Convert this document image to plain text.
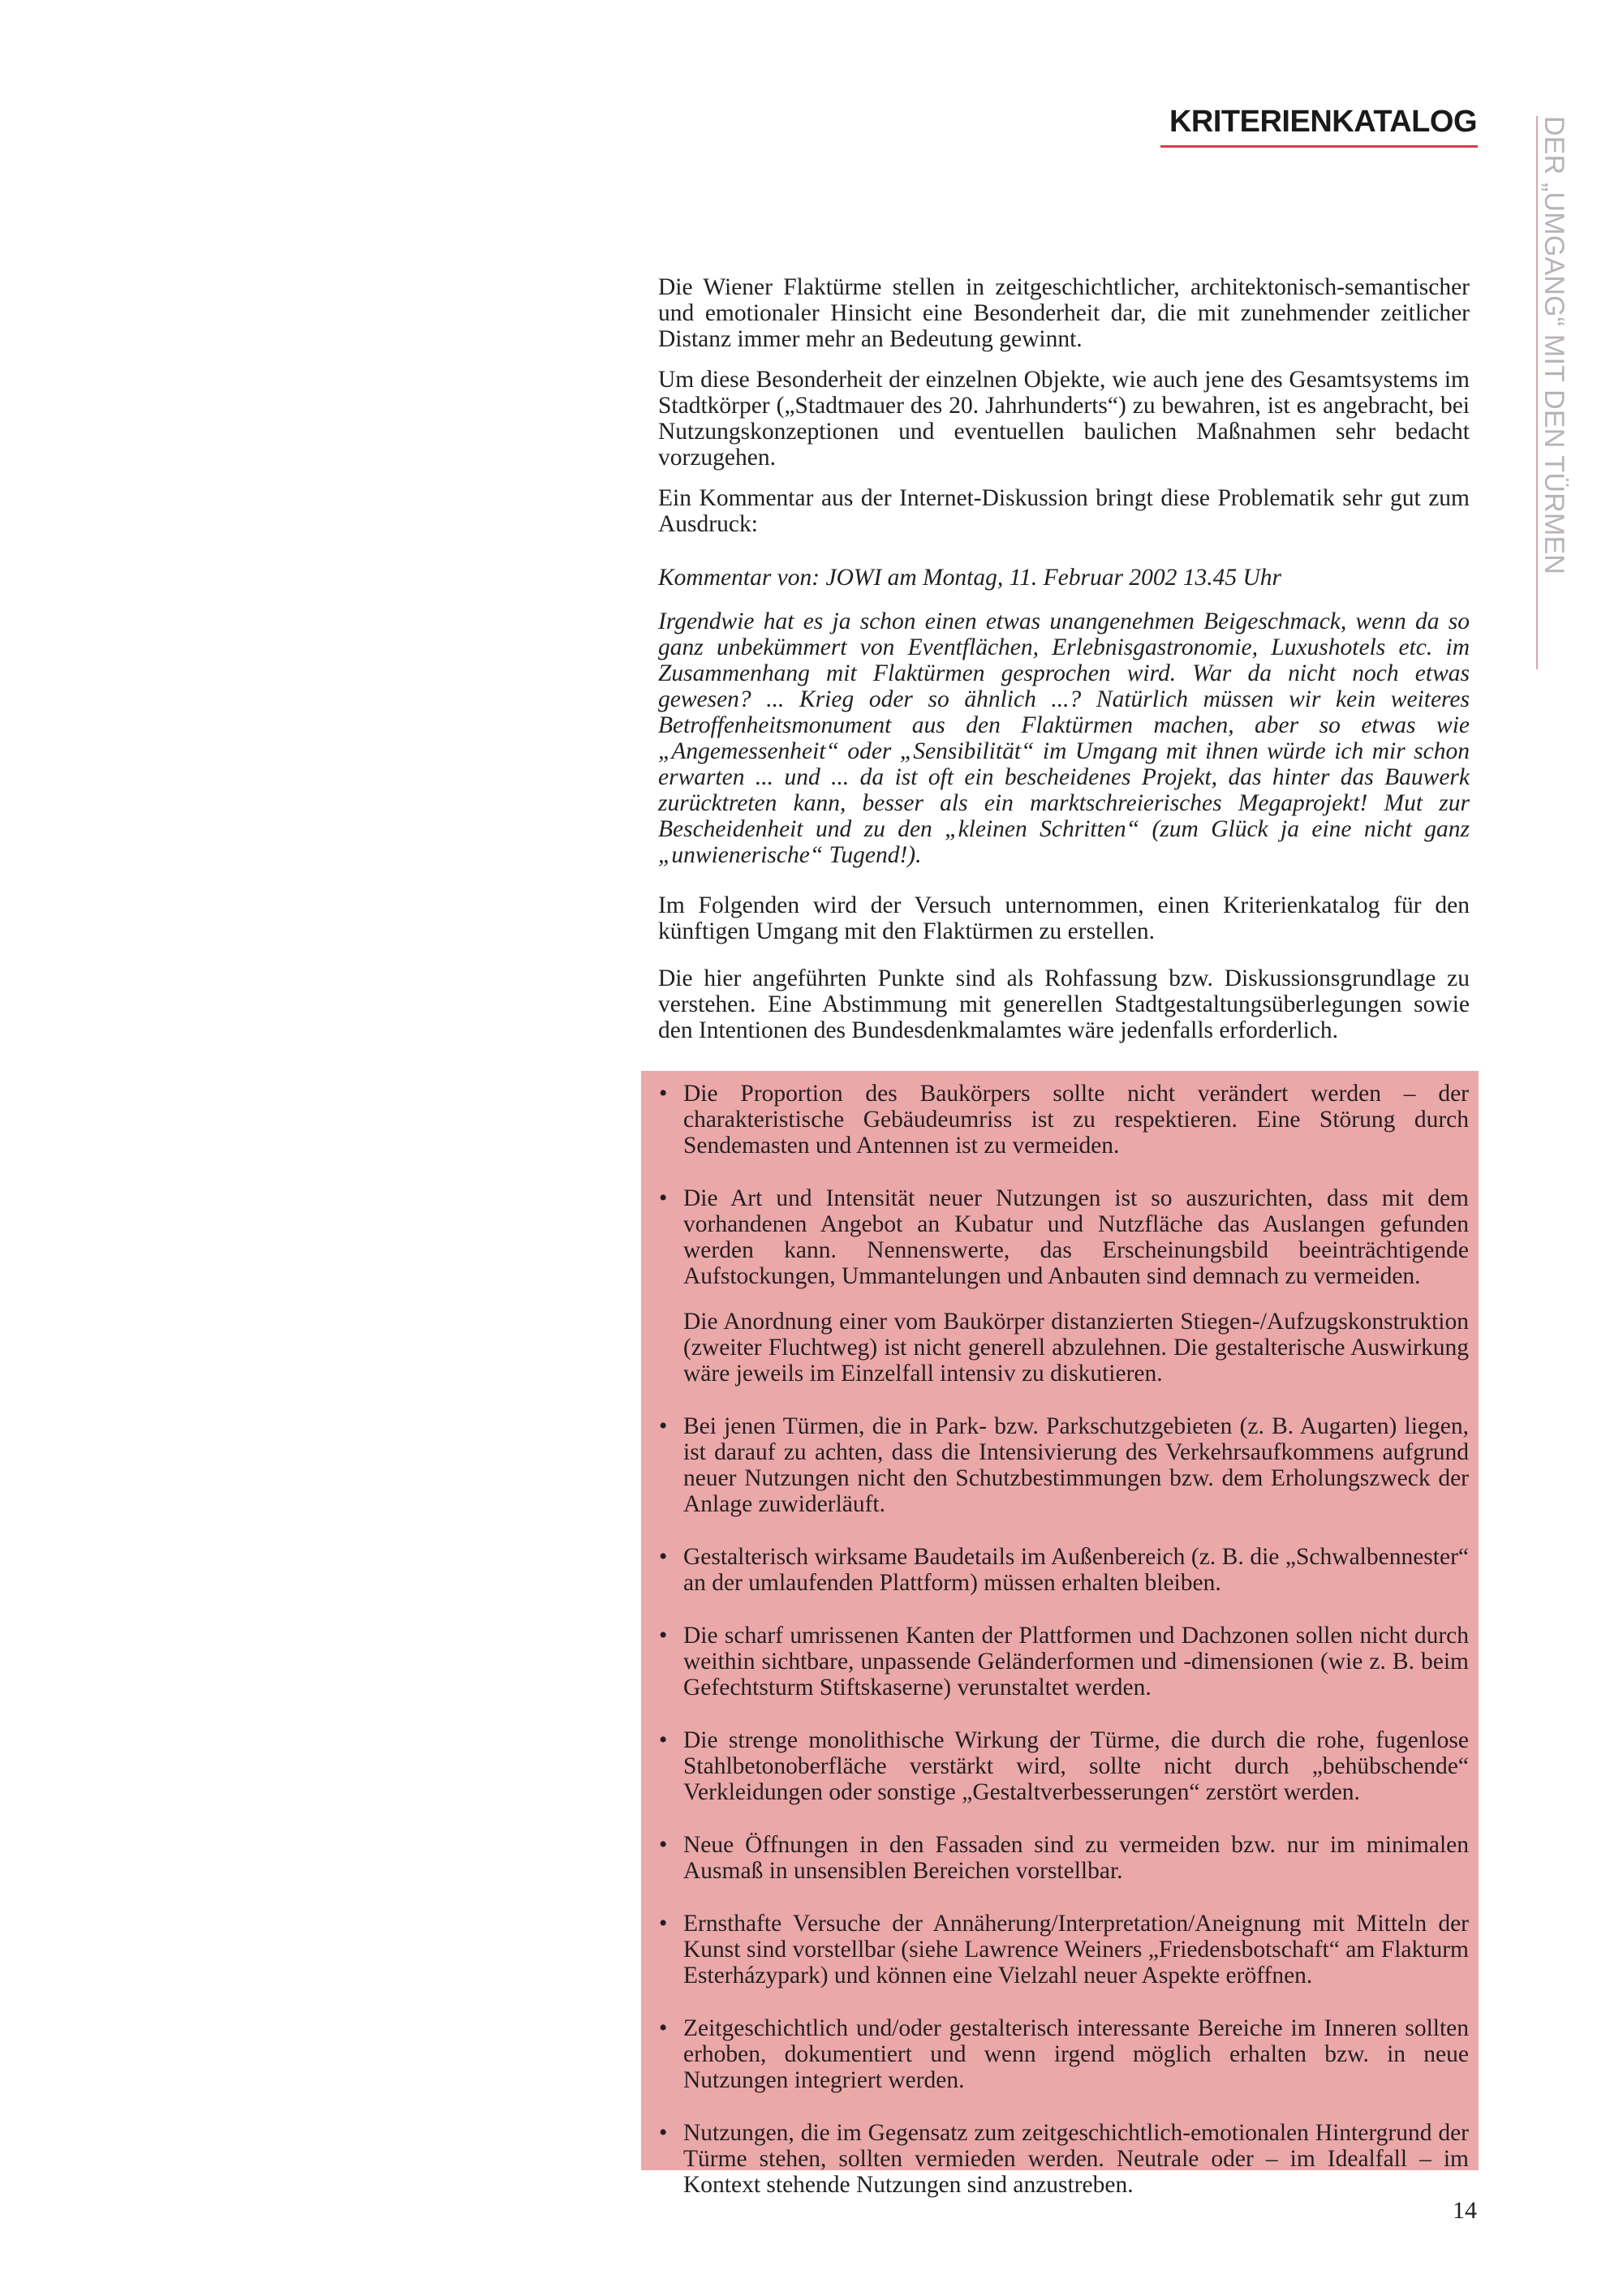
KRITERIENKATALOG DER „UMGANG“ MIT DEN TÜRMEN

Die Wiener Flaktürme stellen in zeitgeschichtlicher, architektonisch-semantischer und emotionaler Hinsicht eine Besonderheit dar, die mit zunehmender zeitlicher Distanz immer mehr an Bedeutung gewinnt.

Um diese Besonderheit der einzelnen Objekte, wie auch jene des Gesamtsystems im Stadtkörper („Stadtmauer des 20. Jahrhunderts“) zu bewahren, ist es angebracht, bei Nutzungskonzeptionen und eventuellen baulichen Maßnahmen sehr bedacht vorzugehen.

Ein Kommentar aus der Internet-Diskussion bringt diese Problematik sehr gut zum Ausdruck:

Kommentar von: JOWI am Montag, 11. Februar 2002 13.45 Uhr

Irgendwie hat es ja schon einen etwas unangenehmen Beigeschmack, wenn da so ganz unbekümmert von Eventflächen, Erlebnisgastronomie, Luxushotels etc. im Zusammenhang mit Flaktürmen gesprochen wird. War da nicht noch etwas gewesen? ... Krieg oder so ähnlich ...? Natürlich müssen wir kein weiteres Betroffenheitsmonument aus den Flaktürmen machen, aber so etwas wie „Angemessenheit“ oder „Sensibilität“ im Umgang mit ihnen würde ich mir schon erwarten ... und ... da ist oft ein bescheidenes Projekt, das hinter das Bauwerk zurücktreten kann, besser als ein marktschreierisches Megaprojekt! Mut zur Bescheidenheit und zu den „kleinen Schritten“ (zum Glück ja eine nicht ganz „unwienerische“ Tugend!).

Im Folgenden wird der Versuch unternommen, einen Kriterienkatalog für den künftigen Umgang mit den Flaktürmen zu erstellen.

Die hier angeführten Punkte sind als Rohfassung bzw. Diskussionsgrundlage zu verstehen. Eine Abstimmung mit generellen Stadtgestaltungsüberlegungen sowie den Intentionen des Bundesdenkmalamtes wäre jedenfalls erforderlich.

• Die Proportion des Baukörpers sollte nicht verändert werden – der charakteristische Gebäudeumriss ist zu respektieren. Eine Störung durch Sendemasten und Antennen ist zu vermeiden.

• Die Art und Intensität neuer Nutzungen ist so auszurichten, dass mit dem vorhandenen Angebot an Kubatur und Nutzfläche das Auslangen gefunden werden kann. Nennenswerte, das Erscheinungsbild beeinträchtigende Aufstockungen, Ummantelungen und Anbauten sind demnach zu vermeiden.

Die Anordnung einer vom Baukörper distanzierten Stiegen-/Aufzugskonstruktion (zweiter Fluchtweg) ist nicht generell abzulehnen. Die gestalterische Auswirkung wäre jeweils im Einzelfall intensiv zu diskutieren.

• Bei jenen Türmen, die in Park- bzw. Parkschutzgebieten (z. B. Augarten) liegen, ist darauf zu achten, dass die Intensivierung des Verkehrsaufkommens aufgrund neuer Nutzungen nicht den Schutzbestimmungen bzw. dem Erholungszweck der Anlage zuwiderläuft.

• Gestalterisch wirksame Baudetails im Außenbereich (z. B. die „Schwalbennester“ an der umlaufenden Plattform) müssen erhalten bleiben.

• Die scharf umrissenen Kanten der Plattformen und Dachzonen sollen nicht durch weithin sichtbare, unpassende Geländerformen und -dimensionen (wie z. B. beim Gefechtsturm Stiftskaserne) verunstaltet werden.

• Die strenge monolithische Wirkung der Türme, die durch die rohe, fugenlose Stahlbetonoberfläche verstärkt wird, sollte nicht durch „behübschende“ Verkleidungen oder sonstige „Gestaltverbesserungen“ zerstört werden.

• Neue Öffnungen in den Fassaden sind zu vermeiden bzw. nur im minimalen Ausmaß in unsensiblen Bereichen vorstellbar.

• Ernsthafte Versuche der Annäherung/Interpretation/Aneignung mit Mitteln der Kunst sind vorstellbar (siehe Lawrence Weiners „Friedensbotschaft“ am Flakturm Esterházypark) und können eine Vielzahl neuer Aspekte eröffnen.

• Zeitgeschichtlich und/oder gestalterisch interessante Bereiche im Inneren sollten erhoben, dokumentiert und wenn irgend möglich erhalten bzw. in neue Nutzungen integriert werden.

• Nutzungen, die im Gegensatz zum zeitgeschichtlich-emotionalen Hintergrund der Türme stehen, sollten vermieden werden. Neutrale oder – im Idealfall – im Kontext stehende Nutzungen sind anzustreben.

14
